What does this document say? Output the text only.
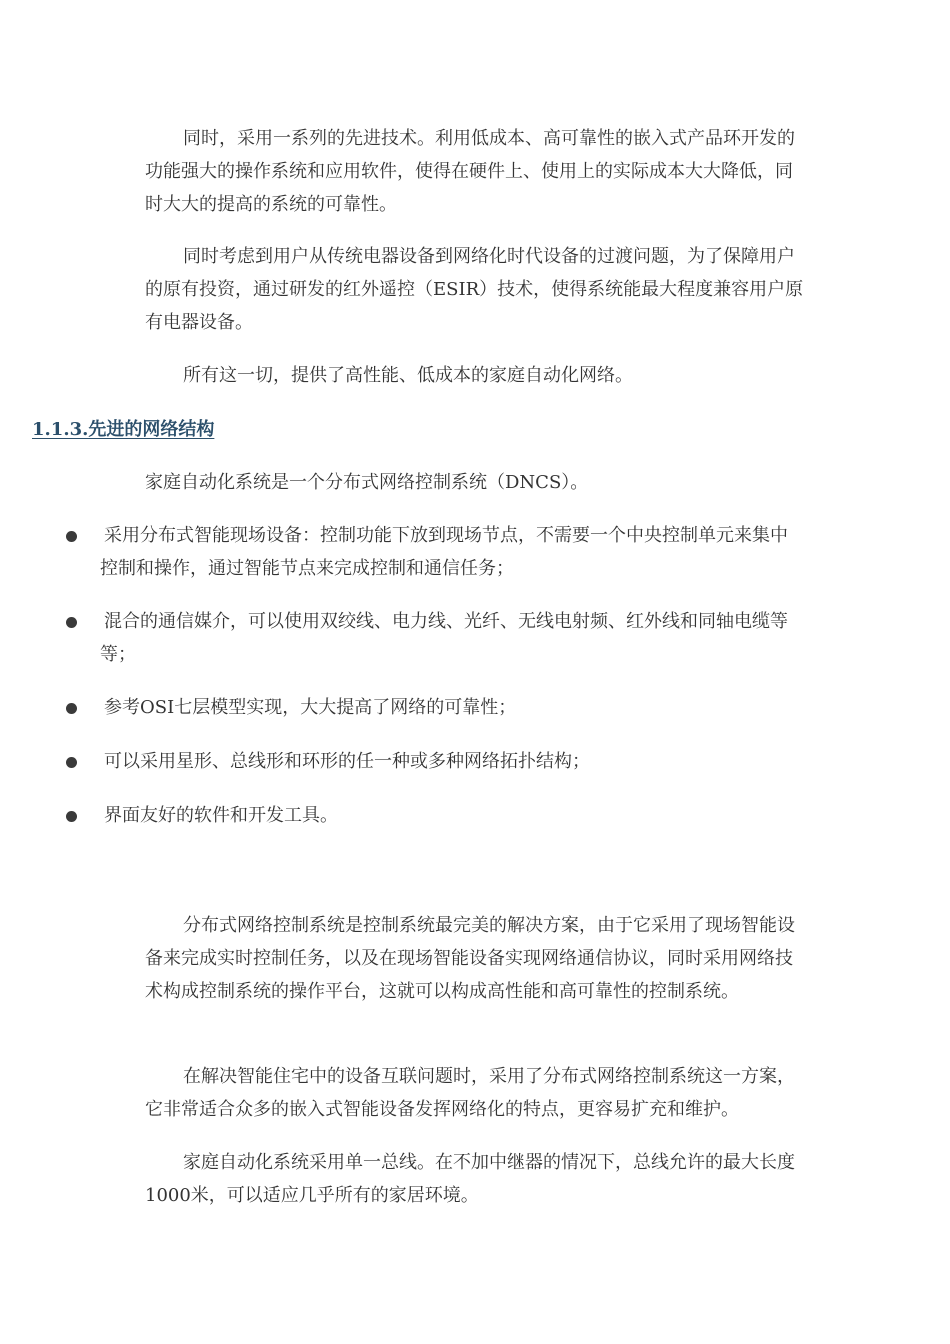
同时，采用一系列的先进技术。利用低成本、高可靠性的嵌入式产品环开发的功能强大的操作系统和应用软件，使得在硬件上、使用上的实际成本大大降低，同时大大的提高的系统的可靠性。

同时考虑到用户从传统电器设备到网络化时代设备的过渡问题，为了保障用户的原有投资，通过研发的红外遥控（ESIR）技术，使得系统能最大程度兼容用户原有电器设备。

所有这一切，提供了高性能、低成本的家庭自动化网络。

1.1.3.先进的网络结构

家庭自动化系统是一个分布式网络控制系统（DNCS）。

采用分布式智能现场设备：控制功能下放到现场节点，不需要一个中央控制单元来集中控制和操作，通过智能节点来完成控制和通信任务；
混合的通信媒介，可以使用双绞线、电力线、光纤、无线电射频、红外线和同轴电缆等等；
参考OSI七层模型实现，大大提高了网络的可靠性；
可以采用星形、总线形和环形的任一种或多种网络拓扑结构；
界面友好的软件和开发工具。

分布式网络控制系统是控制系统最完美的解决方案，由于它采用了现场智能设备来完成实时控制任务，以及在现场智能设备实现网络通信协议，同时采用网络技术构成控制系统的操作平台，这就可以构成高性能和高可靠性的控制系统。

在解决智能住宅中的设备互联问题时，采用了分布式网络控制系统这一方案，它非常适合众多的嵌入式智能设备发挥网络化的特点，更容易扩充和维护。

家庭自动化系统采用单一总线。在不加中继器的情况下，总线允许的最大长度1000米，可以适应几乎所有的家居环境。
